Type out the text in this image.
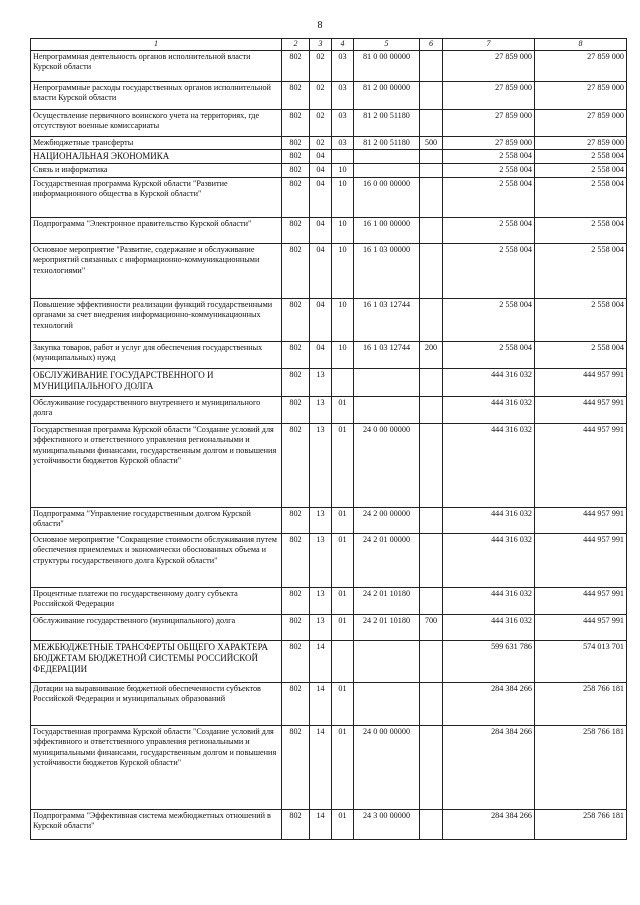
8
1	2	3	4	5	6	7	8
Непрограммная деятельность органов исполнительной власти Курской области	802	02	03	81 0 00 00000		27 859 000	27 859 000
Непрограммные расходы государственных органов исполнительной власти Курской области	802	02	03	81 2 00 00000		27 859 000	27 859 000
Осуществление первичного воинского учета на территориях, где отсутствуют военные комиссариаты	802	02	03	81 2 00 51180		27 859 000	27 859 000
Межбюджетные трансферты	802	02	03	81 2 00 51180	500	27 859 000	27 859 000
НАЦИОНАЛЬНАЯ ЭКОНОМИКА	802	04				2 558 004	2 558 004
Связь и информатика	802	04	10			2 558 004	2 558 004
Государственная программа Курской области "Развитие информационного общества в Курской области"	802	04	10	16 0 00 00000		2 558 004	2 558 004
Подпрограмма "Электронное правительство Курской области"	802	04	10	16 1 00 00000		2 558 004	2 558 004
Основное мероприятие "Развитие, содержание и обслуживание мероприятий связанных с информационно-коммуникационными технологиями"	802	04	10	16 1 03 00000		2 558 004	2 558 004
Повышение эффективности реализации функций государственными органами за счет внедрения информационно-коммуникационных технологий	802	04	10	16 1 03 12744		2 558 004	2 558 004
Закупка товаров, работ и услуг для обеспечения государственных (муниципальных) нужд	802	04	10	16 1 03 12744	200	2 558 004	2 558 004
ОБСЛУЖИВАНИЕ ГОСУДАРСТВЕННОГО И МУНИЦИПАЛЬНОГО ДОЛГА	802	13				444 316 032	444 957 991
Обслуживание государственного внутреннего и муниципального долга	802	13	01			444 316 032	444 957 991
Государственная программа Курской области "Создание условий для эффективного и ответственного управления региональными и муниципальными финансами, государственным долгом и повышения устойчивости бюджетов Курской области"	802	13	01	24 0 00 00000		444 316 032	444 957 991
Подпрограмма "Управление государственным долгом Курской области"	802	13	01	24 2 00 00000		444 316 032	444 957 991
Основное мероприятие "Сокращение стоимости обслуживания путем обеспечения приемлемых и экономически обоснованных объема и структуры государственного долга Курской области"	802	13	01	24 2 01 00000		444 316 032	444 957 991
Процентные платежи по государственному долгу субъекта Российской Федерации	802	13	01	24 2 01 10180		444 316 032	444 957 991
Обслуживание государственного (муниципального) долга	802	13	01	24 2 01 10180	700	444 316 032	444 957 991
МЕЖБЮДЖЕТНЫЕ ТРАНСФЕРТЫ ОБЩЕГО ХАРАКТЕРА БЮДЖЕТАМ БЮДЖЕТНОЙ СИСТЕМЫ РОССИЙСКОЙ ФЕДЕРАЦИИ	802	14				599 631 786	574 013 701
Дотации на выравнивание бюджетной обеспеченности субъектов Российской Федерации и муниципальных образований	802	14	01			284 384 266	258 766 181
Государственная программа Курской области "Создание условий для эффективного и ответственного управления региональными и муниципальными финансами, государственным долгом и повышения устойчивости бюджетов Курской области"	802	14	01	24 0 00 00000		284 384 266	258 766 181
Подпрограмма "Эффективная система межбюджетных отношений в Курской области"	802	14	01	24 3 00 00000		284 384 266	258 766 181
